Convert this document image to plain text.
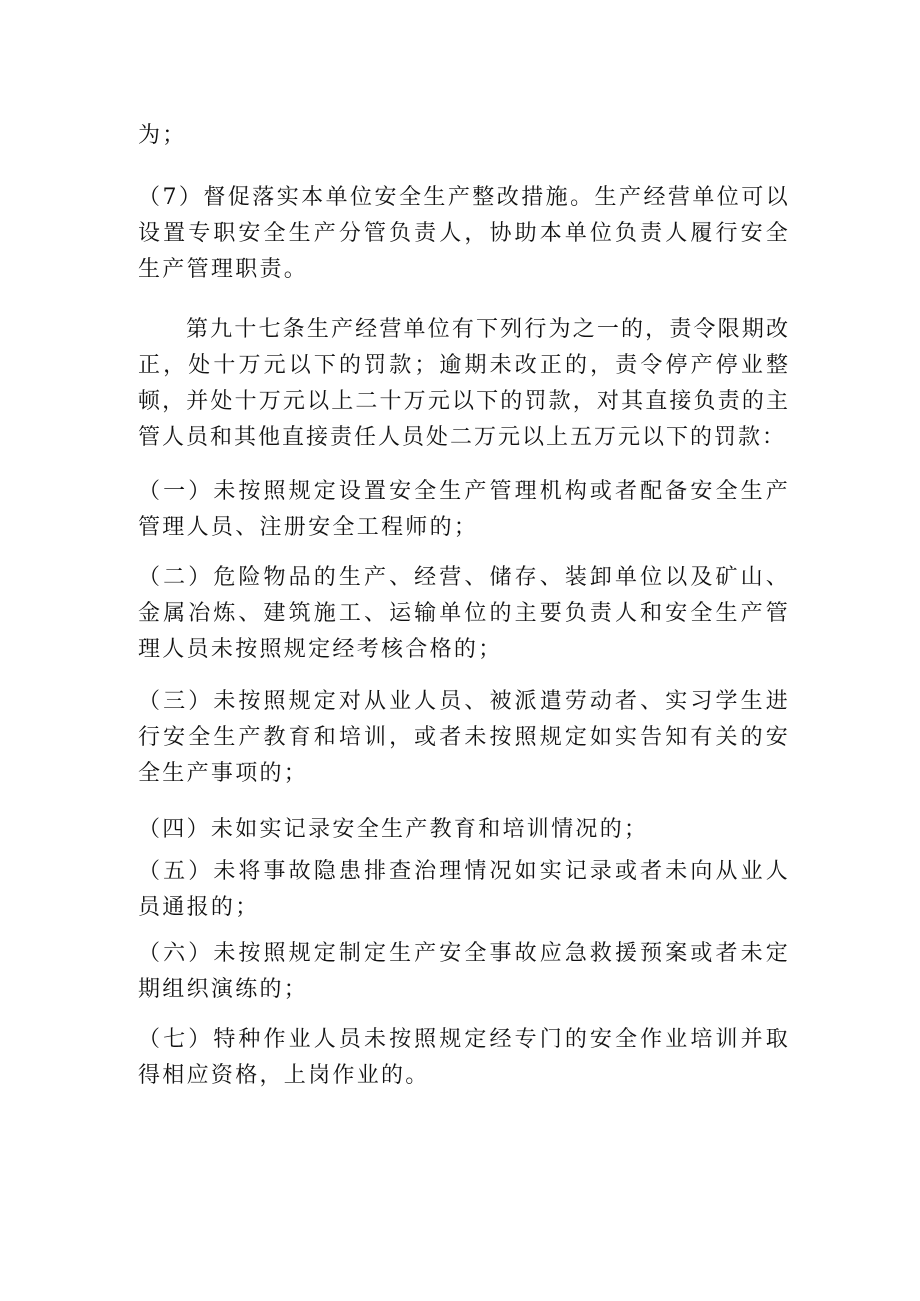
为；

（7）督促落实本单位安全生产整改措施。生产经营单位可以设置专职安全生产分管负责人，协助本单位负责人履行安全生产管理职责。

第九十七条生产经营单位有下列行为之一的，责令限期改正，处十万元以下的罚款；逾期未改正的，责令停产停业整顿，并处十万元以上二十万元以下的罚款，对其直接负责的主管人员和其他直接责任人员处二万元以上五万元以下的罚款：

（一）未按照规定设置安全生产管理机构或者配备安全生产管理人员、注册安全工程师的；

（二）危险物品的生产、经营、储存、装卸单位以及矿山、金属冶炼、建筑施工、运输单位的主要负责人和安全生产管理人员未按照规定经考核合格的；

（三）未按照规定对从业人员、被派遣劳动者、实习学生进行安全生产教育和培训，或者未按照规定如实告知有关的安全生产事项的；

（四）未如实记录安全生产教育和培训情况的；

（五）未将事故隐患排查治理情况如实记录或者未向从业人员通报的；

（六）未按照规定制定生产安全事故应急救援预案或者未定期组织演练的；

（七）特种作业人员未按照规定经专门的安全作业培训并取得相应资格，上岗作业的。
